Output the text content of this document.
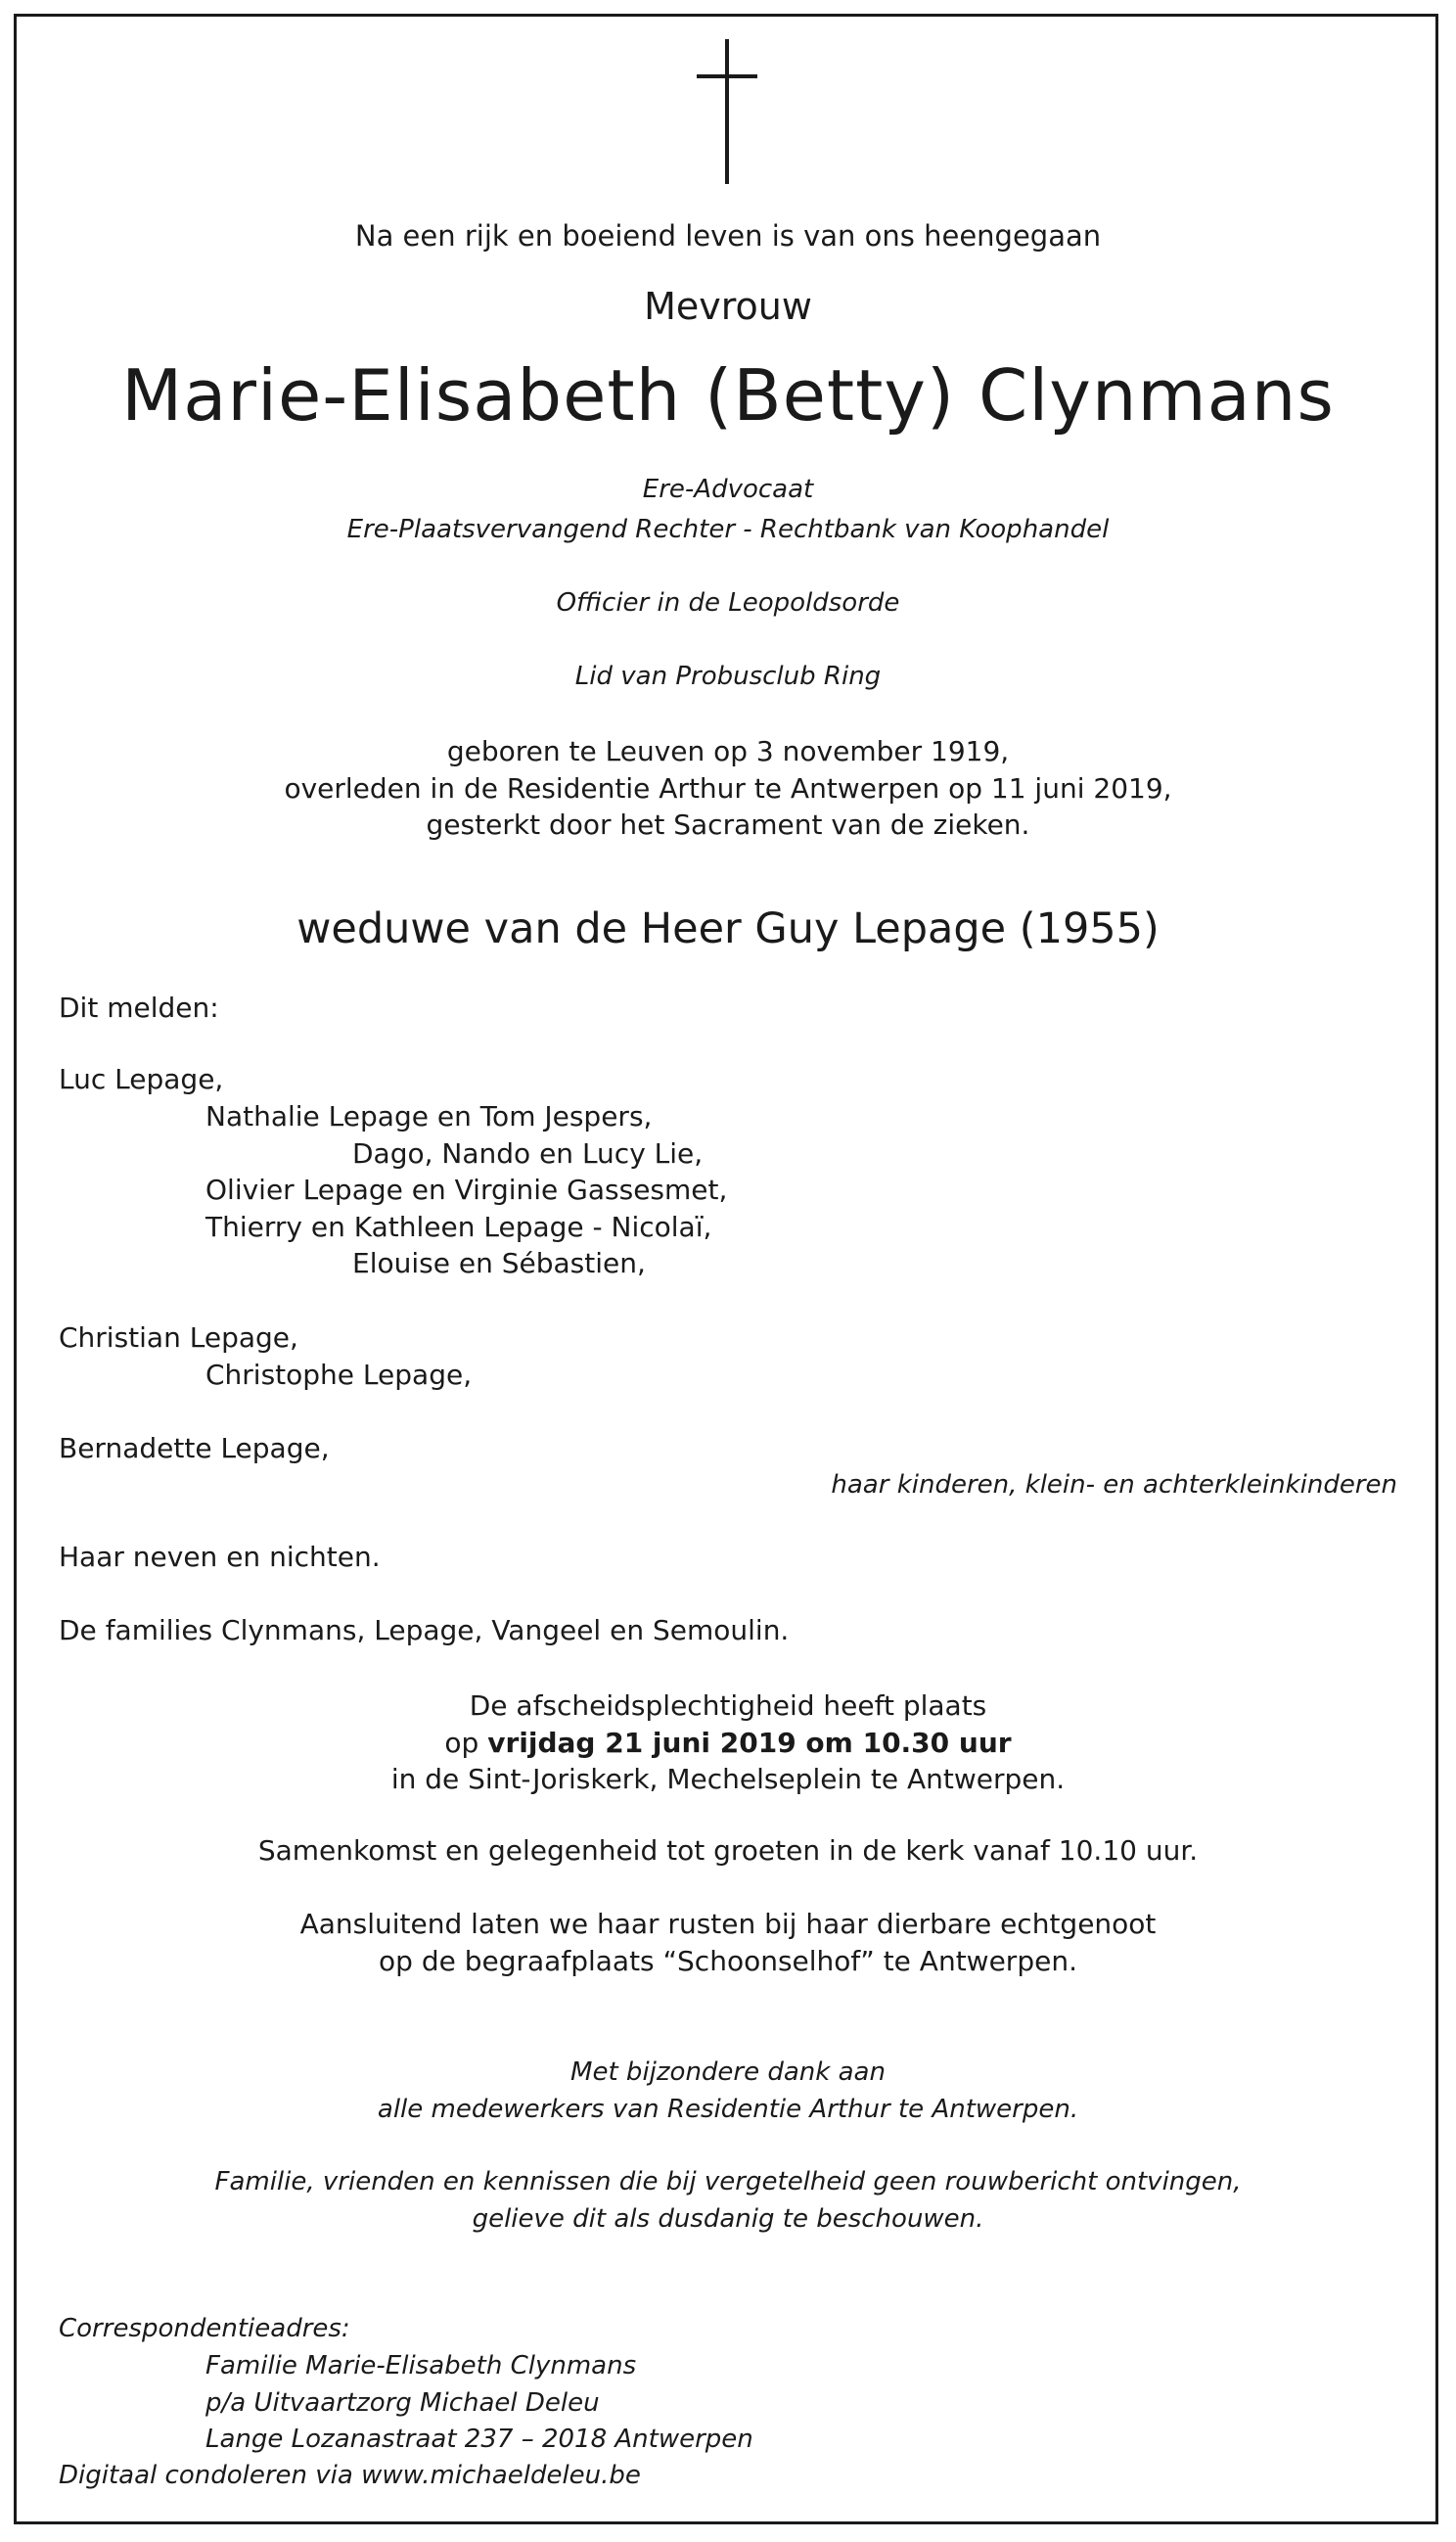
Na een rijk en boeiend leven is van ons heengegaan
Mevrouw
Marie-Elisabeth (Betty) Clynmans
Ere-Advocaat
Ere-Plaatsvervangend Rechter - Rechtbank van Koophandel
Officier in de Leopoldsorde
Lid van Probusclub Ring
geboren te Leuven op 3 november 1919,
overleden in de Residentie Arthur te Antwerpen op 11 juni 2019,
gesterkt door het Sacrament van de zieken.
weduwe van de Heer Guy Lepage (1955)
Dit melden:
Luc Lepage,
Nathalie Lepage en Tom Jespers,
Dago, Nando en Lucy Lie,
Olivier Lepage en Virginie Gassesmet,
Thierry en Kathleen Lepage - Nicolaï,
Elouise en Sébastien,
Christian Lepage,
Christophe Lepage,
Bernadette Lepage,
haar kinderen, klein- en achterkleinkinderen
Haar neven en nichten.
De families Clynmans, Lepage, Vangeel en Semoulin.
De afscheidsplechtigheid heeft plaats
op vrijdag 21 juni 2019 om 10.30 uur
in de Sint-Joriskerk, Mechelseplein te Antwerpen.
Samenkomst en gelegenheid tot groeten in de kerk vanaf 10.10 uur.
Aansluitend laten we haar rusten bij haar dierbare echtgenoot
op de begraafplaats “Schoonselhof” te Antwerpen.
Met bijzondere dank aan
alle medewerkers van Residentie Arthur te Antwerpen.
Familie, vrienden en kennissen die bij vergetelheid geen rouwbericht ontvingen,
gelieve dit als dusdanig te beschouwen.
Correspondentieadres:
Familie Marie-Elisabeth Clynmans
p/a Uitvaartzorg Michael Deleu
Lange Lozanastraat 237 – 2018 Antwerpen
Digitaal condoleren via www.michaeldeleu.be
